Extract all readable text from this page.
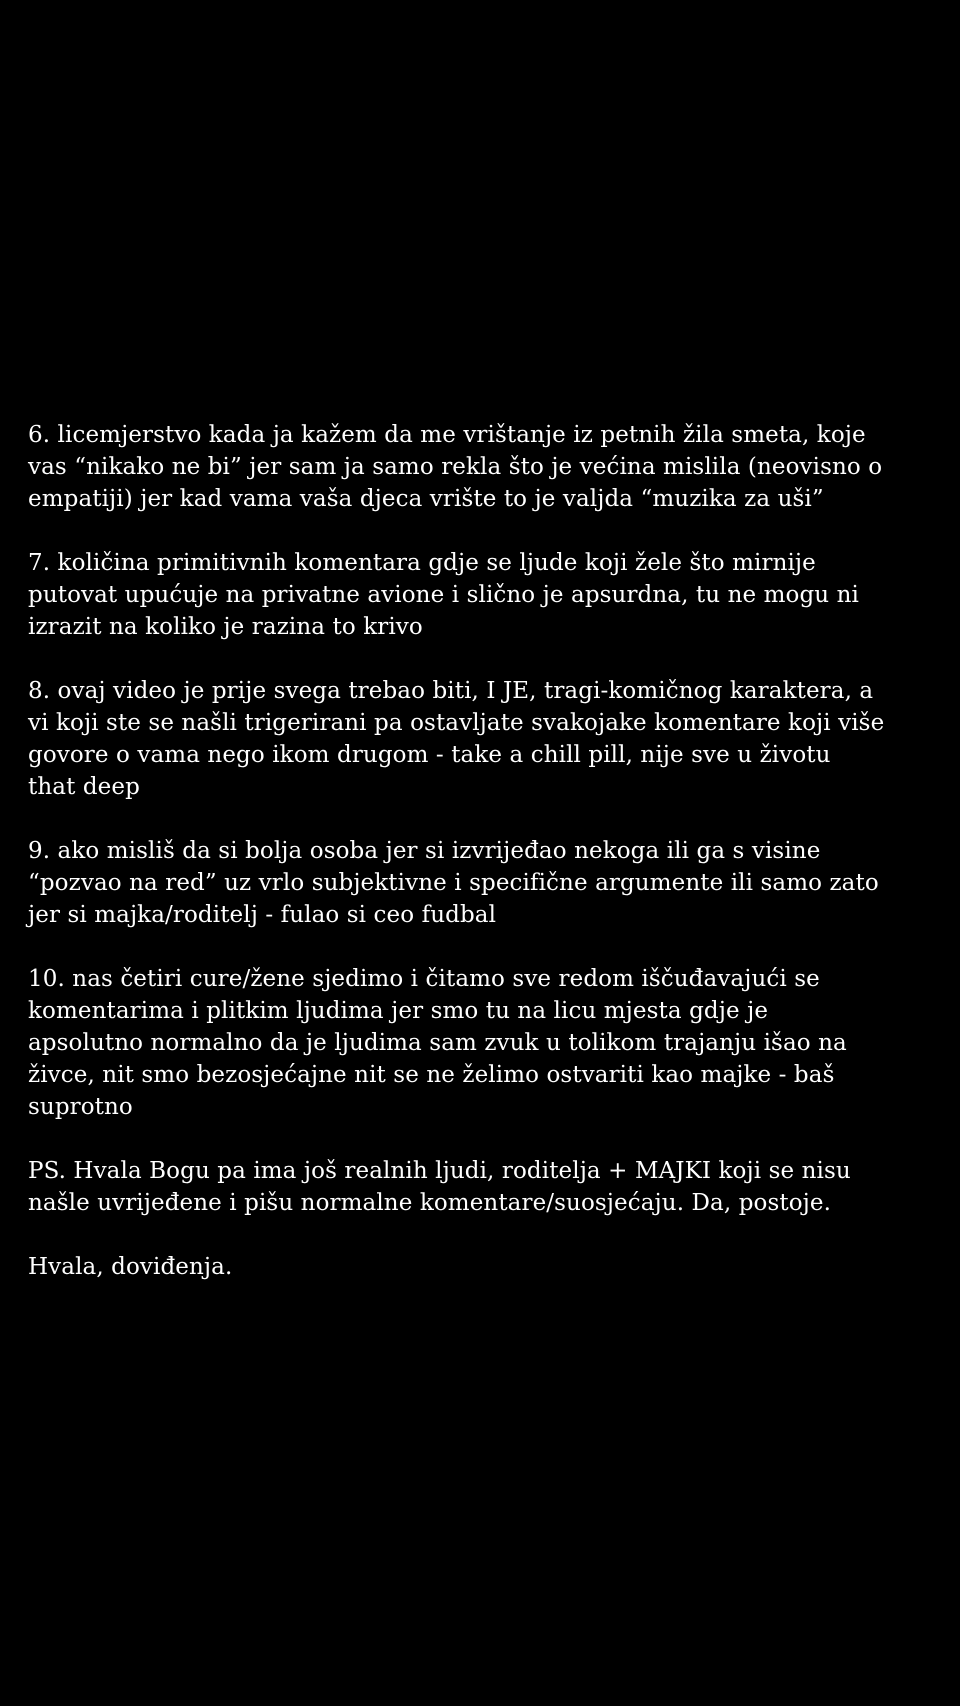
6. licemjerstvo kada ja kažem da me vrištanje iz petnih žila smeta, koje
vas “nikako ne bi” jer sam ja samo rekla što je većina mislila (neovisno o
empatiji) jer kad vama vaša djeca vrište to je valjda “muzika za uši”

7. količina primitivnih komentara gdje se ljude koji žele što mirnije
putovat upućuje na privatne avione i slično je apsurdna, tu ne mogu ni
izrazit na koliko je razina to krivo

8. ovaj video je prije svega trebao biti, I JE, tragi-komičnog karaktera, a
vi koji ste se našli trigerirani pa ostavljate svakojake komentare koji više
govore o vama nego ikom drugom - take a chill pill, nije sve u životu
that deep

9. ako misliš da si bolja osoba jer si izvrijeđao nekoga ili ga s visine
“pozvao na red” uz vrlo subjektivne i specifične argumente ili samo zato
jer si majka/roditelj - fulao si ceo fudbal

10. nas četiri cure/žene sjedimo i čitamo sve redom iščuđavajući se
komentarima i plitkim ljudima jer smo tu na licu mjesta gdje je
apsolutno normalno da je ljudima sam zvuk u tolikom trajanju išao na
živce, nit smo bezosjećajne nit se ne želimo ostvariti kao majke - baš
suprotno

PS. Hvala Bogu pa ima još realnih ljudi, roditelja + MAJKI koji se nisu
našle uvrijeđene i pišu normalne komentare/suosjećaju. Da, postoje.

Hvala, doviđenja.
